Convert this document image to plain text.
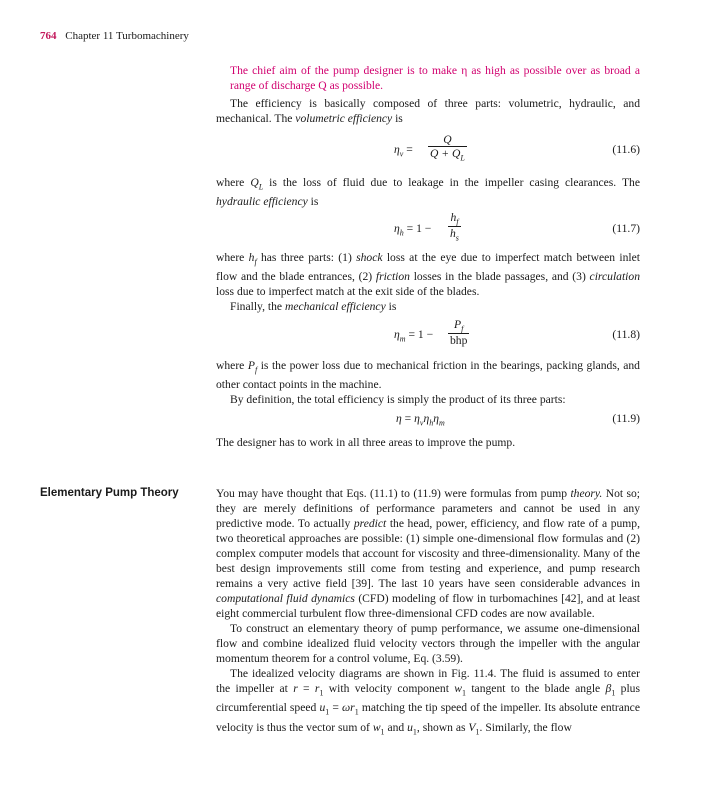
764 Chapter 11 Turbomachinery

The chief aim of the pump designer is to make η as high as possible over as broad a range of discharge Q as possible.

The efficiency is basically composed of three parts: volumetric, hydraulic, and mechanical. The volumetric efficiency is

$\eta_v = \frac{Q}{Q + Q_L}$	(11.6)

where $Q_L$ is the loss of fluid due to leakage in the impeller casing clearances. The hydraulic efficiency is

$\eta_h = 1 - \frac{h_f}{h_s}$	(11.7)

where $h_f$ has three parts: (1) shock loss at the eye due to imperfect match between inlet flow and the blade entrances, (2) friction losses in the blade passages, and (3) circulation loss due to imperfect match at the exit side of the blades.

Finally, the mechanical efficiency is

$\eta_m = 1$ −
$P_f$
bhp	(11.8)

where $P_f$ is the power loss due to mechanical friction in the bearings, packing glands, and other contact points in the machine.

By definition, the total efficiency is simply the product of its three parts:

$\eta = \eta_v\eta_h\eta_m$	(11.9)

The designer has to work in all three areas to improve the pump.

Elementary Pump Theory	You may have thought that Eqs. (11.1) to (11.9) were formulas from pump theory. Not so; they are merely definitions of performance parameters and cannot be used in any predictive mode. To actually predict the head, power, efficiency, and flow rate of a pump, two theoretical approaches are possible: (1) simple one-dimensional flow formulas and (2) complex computer models that account for viscosity and three-dimensionality. Many of the best design improvements still come from testing and experience, and pump research remains a very active field [39]. The last 10 years have seen considerable advances in computational fluid dynamics (CFD) modeling of flow in turbomachines [42], and at least eight commercial turbulent flow three-dimensional CFD codes are now available.

To construct an elementary theory of pump performance, we assume one-dimensional flow and combine idealized fluid velocity vectors through the impeller with the angular momentum theorem for a control volume, Eq. (3.59).

The idealized velocity diagrams are shown in Fig. 11.4. The fluid is assumed to enter the impeller at $r = r_1$ with velocity component $w_1$ tangent to the blade angle $\beta_1$ plus circumferential speed $u_1 = \omega r_1$ matching the tip speed of the impeller. Its absolute entrance velocity is thus the vector sum of $w_1$ and $u_1$, shown as $V_1$. Similarly, the flow
